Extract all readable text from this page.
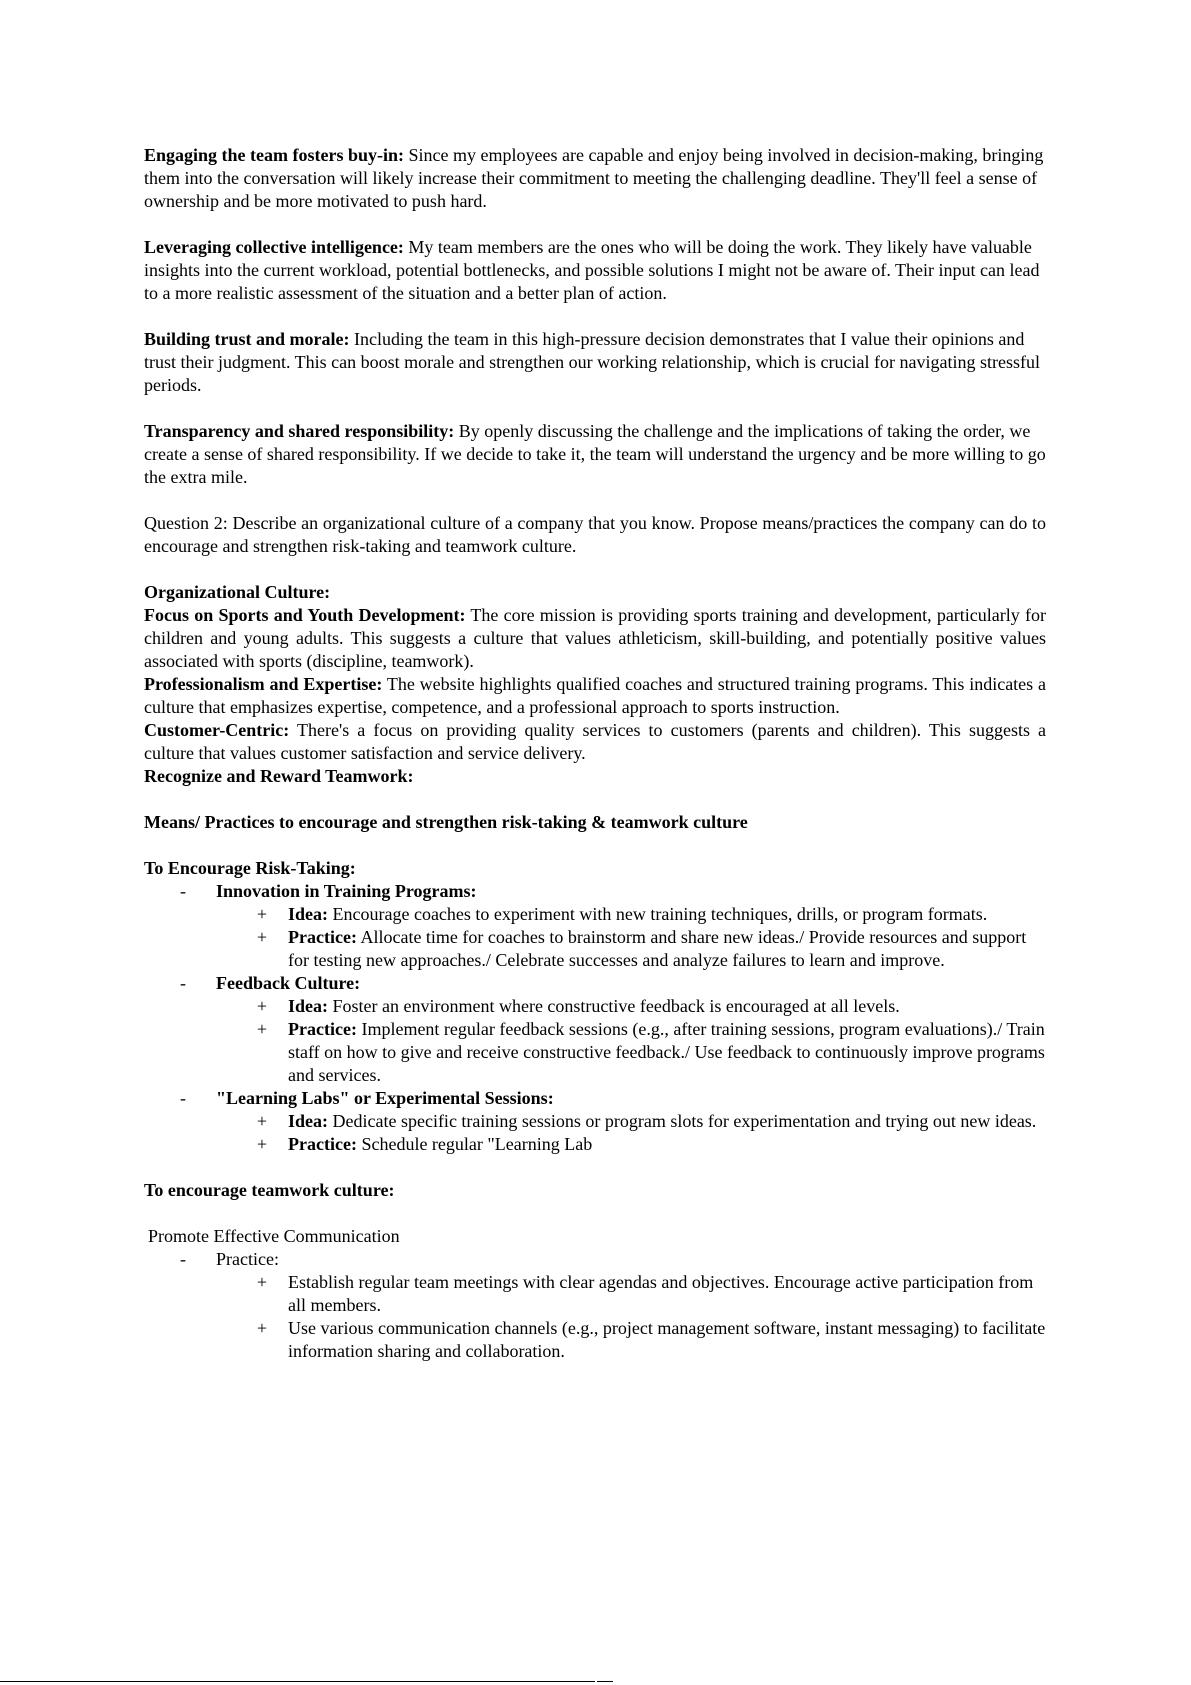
Engaging the team fosters buy-in: Since my employees are capable and enjoy being involved in decision-making, bringing them into the conversation will likely increase their commitment to meeting the challenging deadline. They'll feel a sense of ownership and be more motivated to push hard.

Leveraging collective intelligence: My team members are the ones who will be doing the work. They likely have valuable insights into the current workload, potential bottlenecks, and possible solutions I might not be aware of. Their input can lead to a more realistic assessment of the situation and a better plan of action.

Building trust and morale: Including the team in this high-pressure decision demonstrates that I value their opinions and trust their judgment. This can boost morale and strengthen our working relationship, which is crucial for navigating stressful periods.

Transparency and shared responsibility: By openly discussing the challenge and the implications of taking the order, we create a sense of shared responsibility. If we decide to take it, the team will understand the urgency and be more willing to go the extra mile.

Question 2: Describe an organizational culture of a company that you know. Propose means/practices the company can do to encourage and strengthen risk-taking and teamwork culture.

Organizational Culture:

Focus on Sports and Youth Development: The core mission is providing sports training and development, particularly for children and young adults. This suggests a culture that values athleticism, skill-building, and potentially positive values associated with sports (discipline, teamwork).

Professionalism and Expertise: The website highlights qualified coaches and structured training programs. This indicates a culture that emphasizes expertise, competence, and a professional approach to sports instruction.

Customer-Centric: There's a focus on providing quality services to customers (parents and children). This suggests a culture that values customer satisfaction and service delivery.

Recognize and Reward Teamwork:

Means/ Practices to encourage and strengthen risk-taking & teamwork culture

To Encourage Risk-Taking:

-	Innovation in Training Programs:
+ Idea: Encourage coaches to experiment with new training techniques, drills, or program formats.
+ Practice: Allocate time for coaches to brainstorm and share new ideas./ Provide resources and support for testing new approaches./ Celebrate successes and analyze failures to learn and improve.
-	Feedback Culture:
+ Idea: Foster an environment where constructive feedback is encouraged at all levels.
+ Practice: Implement regular feedback sessions (e.g., after training sessions, program evaluations)./ Train staff on how to give and receive constructive feedback./ Use feedback to continuously improve programs and services.
-	"Learning Labs" or Experimental Sessions:
+ Idea: Dedicate specific training sessions or program slots for experimentation and trying out new ideas.
+ Practice: Schedule regular "Learning Lab

To encourage teamwork culture:

Promote Effective Communication

-	Practice:
+ Establish regular team meetings with clear agendas and objectives. Encourage active participation from all members.
+ Use various communication channels (e.g., project management software, instant messaging) to facilitate information sharing and collaboration.
